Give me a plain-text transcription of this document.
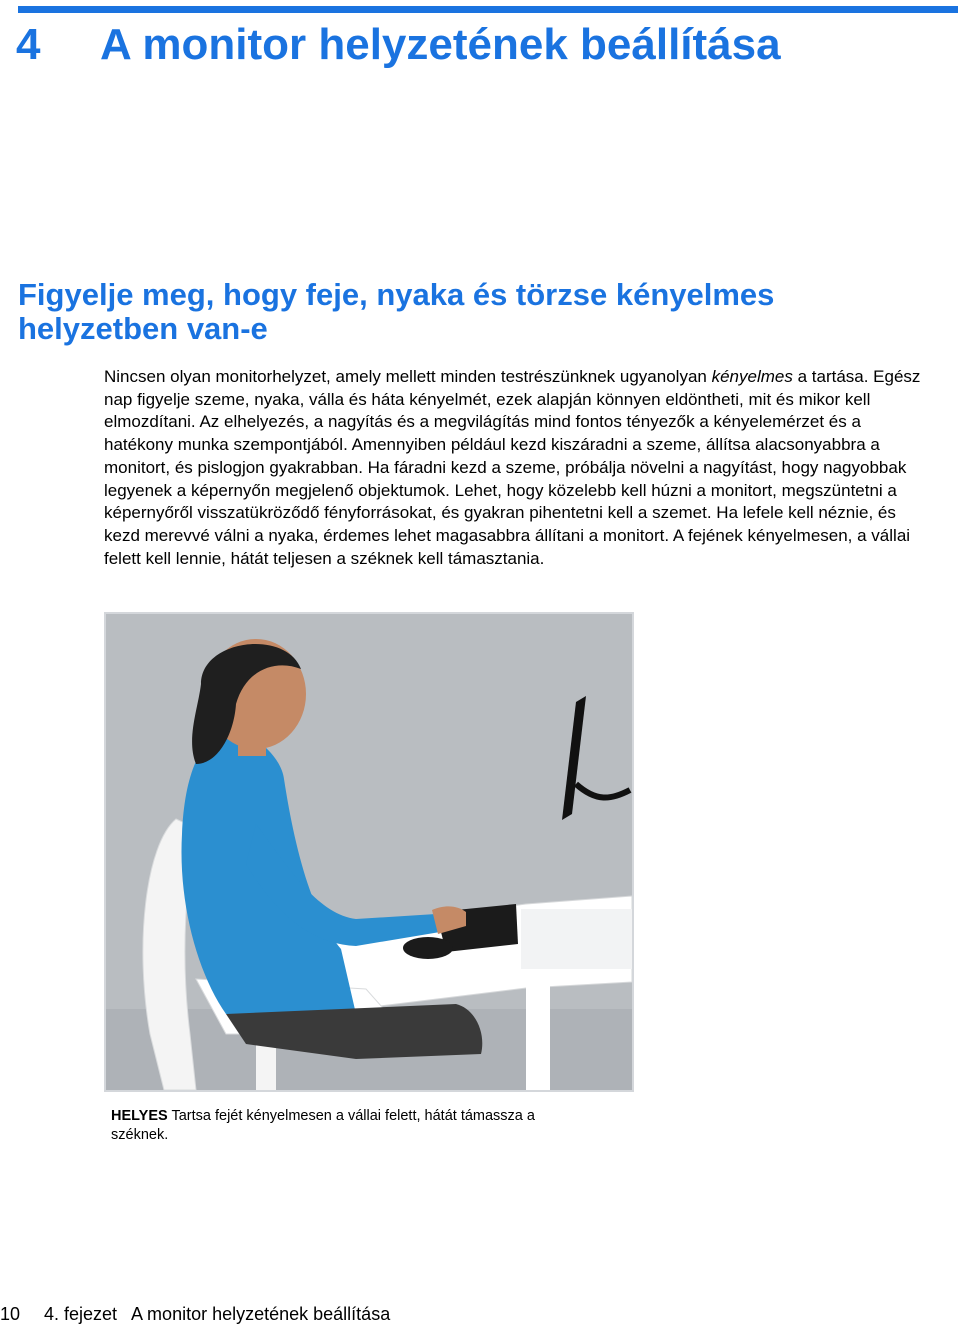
4 A monitor helyzetének beállítása
Figyelje meg, hogy feje, nyaka és törzse kényelmes helyzetben van-e

Nincsen olyan monitorhelyzet, amely mellett minden testrészünknek ugyanolyan kényelmes a tartása. Egész nap figyelje szeme, nyaka, válla és háta kényelmét, ezek alapján könnyen eldöntheti, mit és mikor kell elmozdítani. Az elhelyezés, a nagyítás és a megvilágítás mind fontos tényezők a kényelemérzet és a hatékony munka szempontjából. Amennyiben például kezd kiszáradni a szeme, állítsa alacsonyabbra a monitort, és pislogjon gyakrabban. Ha fáradni kezd a szeme, próbálja növelni a nagyítást, hogy nagyobbak legyenek a képernyőn megjelenő objektumok. Lehet, hogy közelebb kell húzni a monitort, megszüntetni a képernyőről visszatükröződő fényforrásokat, és gyakran pihentetni kell a szemet. Ha lefele kell néznie, és kezd merevvé válni a nyaka, érdemes lehet magasabbra állítani a monitort. A fejének kényelmesen, a vállai felett kell lennie, hátát teljesen a széknek kell támasztania.

HELYES Tartsa fejét kényelmesen a vállai felett, hátát támassza a széknek.

10 4. fejezet A monitor helyzetének beállítása
